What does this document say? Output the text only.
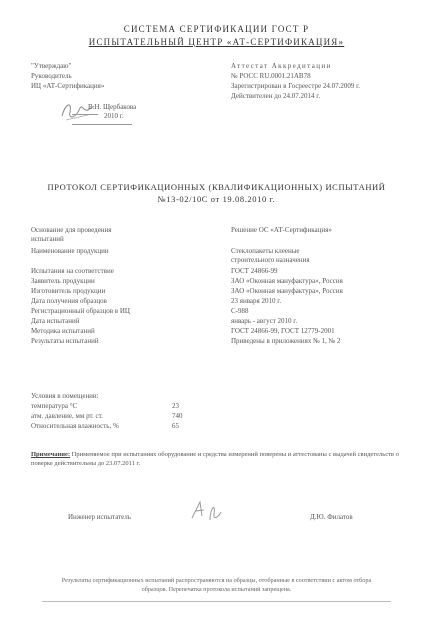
СИСТЕМА СЕРТИФИКАЦИИ ГОСТ Р
ИСПЫТАТЕЛЬНЫЙ ЦЕНТР «АТ-СЕРТИФИКАЦИЯ»
"Утверждаю"
Руководитель
ИЦ «АТ-Сертификация»
В.Н. Щербакова
2010 г.
Аттестат Аккредитации
№ РОСС RU.0001.21АВ78
Зарегистрирован в Госреестре 24.07.2009 г.
Действителен до 24.07.2014 г.
ПРОТОКОЛ СЕРТИФИКАЦИОННЫХ (КВАЛИФИКАЦИОННЫХ) ИСПЫТАНИЙ
№13-02/10С от 19.08.2010 г.
Основание для проведения	Решение ОС «АТ-Сертификация»
испытаний
Наименование продукции	Стеклопакеты клееные
строительного назначения
Испытания на соответствие	ГОСТ 24866-99
Заявитель продукции	ЗАО «Оконная мануфактура», Россия
Изготовитель продукции	ЗАО «Оконная мануфактура», Россия
Дата получения образцов	23 января 2010 г.
Регистрационный образцов в ИЦ	С-988
Дата испытаний	январь - август 2010 г.
Методика испытаний	ГОСТ 24866-99, ГОСТ 12779-2001
Результаты испытаний	Приведены в приложениях № 1, № 2
Условия в помещении:
температура °С	23
атм. давление, мм рт. ст.	740
Относительная влажность, %	65
Примечание: Применяемое при испытаниях оборудование и средства измерений поверены и аттестованы с выдачей свидетельств о поверке действительны до 23.07.2011 г.
Инженер испытатель	Д.Ю. Филатов
Результаты сертификационных испытаний распространяются на образцы, отобранные в соответствии с актом отбора образцов. Перепечатка протокола испытаний запрещена.
